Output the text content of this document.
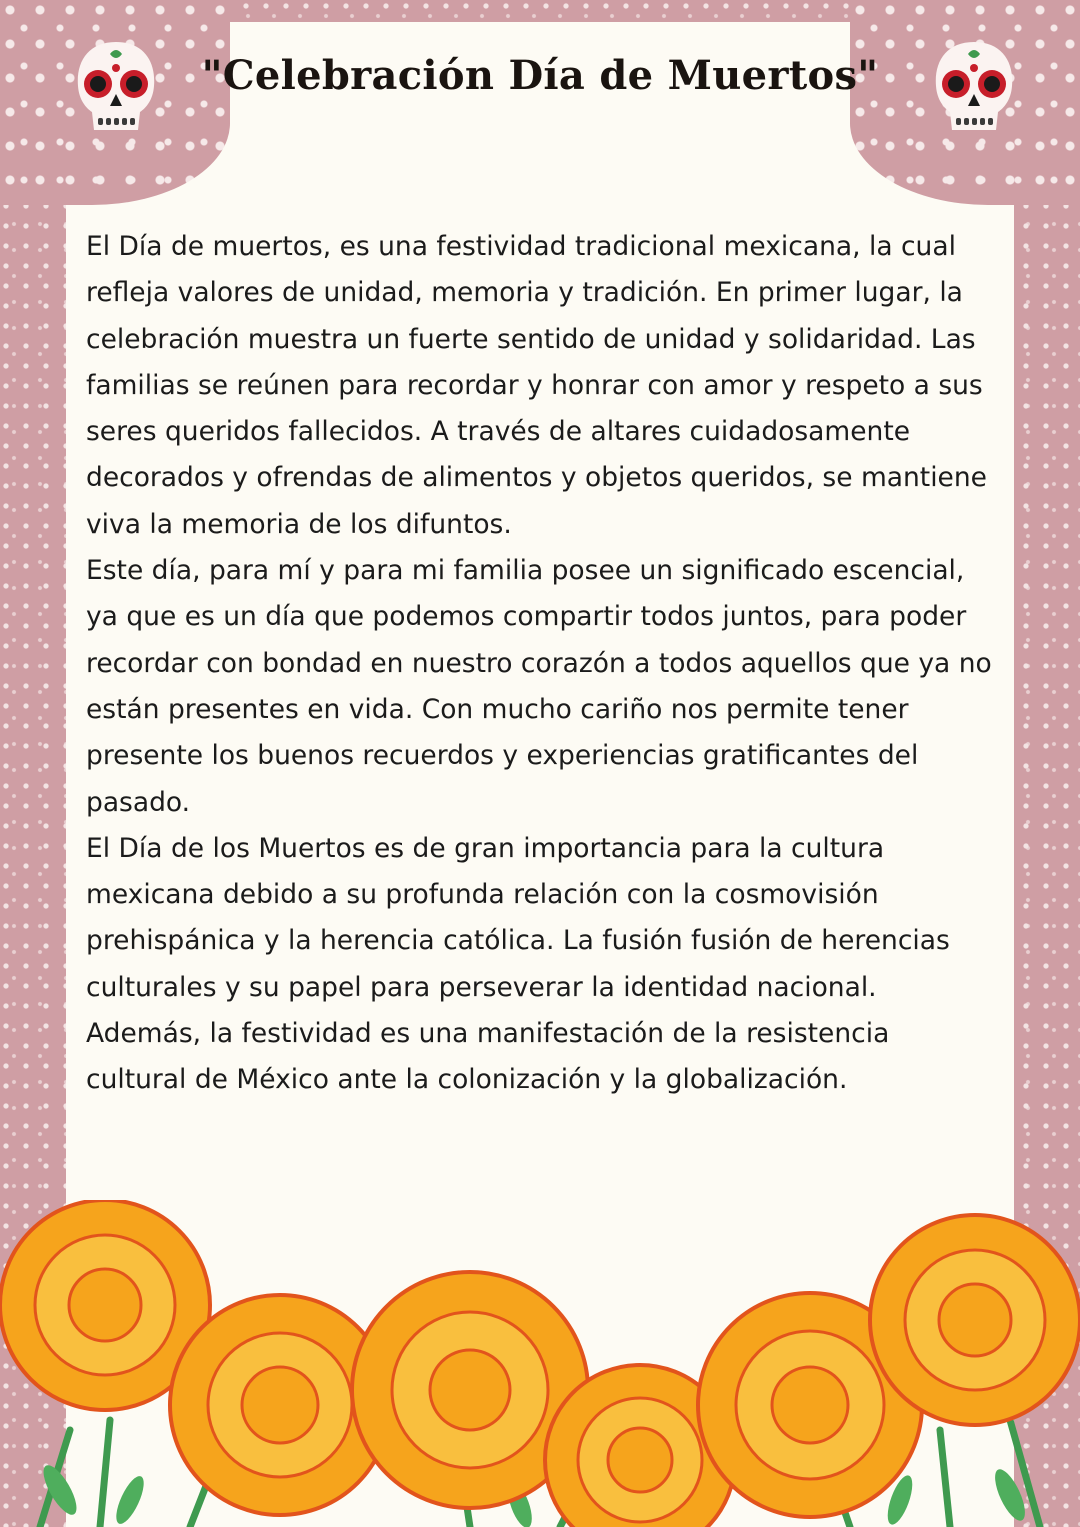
"Celebración Día de Muertos"

El Día de muertos, es una festividad tradicional mexicana, la cual refleja valores de unidad, memoria y tradición. En primer lugar, la celebración muestra un fuerte sentido de unidad y solidaridad. Las familias se reúnen para recordar y honrar con amor y respeto a sus seres queridos fallecidos. A través de altares cuidadosamente decorados y ofrendas de alimentos y objetos queridos, se mantiene viva la memoria de los difuntos.

Este día, para mí y para mi familia posee un significado escencial, ya que es un día que podemos compartir todos juntos, para poder recordar con bondad en nuestro corazón a todos aquellos que ya no están presentes en vida. Con mucho cariño nos permite tener presente los buenos recuerdos y experiencias gratificantes del pasado.

El Día de los Muertos es de gran importancia para la cultura mexicana debido a su profunda relación con la cosmovisión prehispánica y la herencia católica. La fusión fusión de herencias culturales y su papel para perseverar la identidad nacional. Además, la festividad es una manifestación de la resistencia cultural de México ante la colonización y la globalización.
